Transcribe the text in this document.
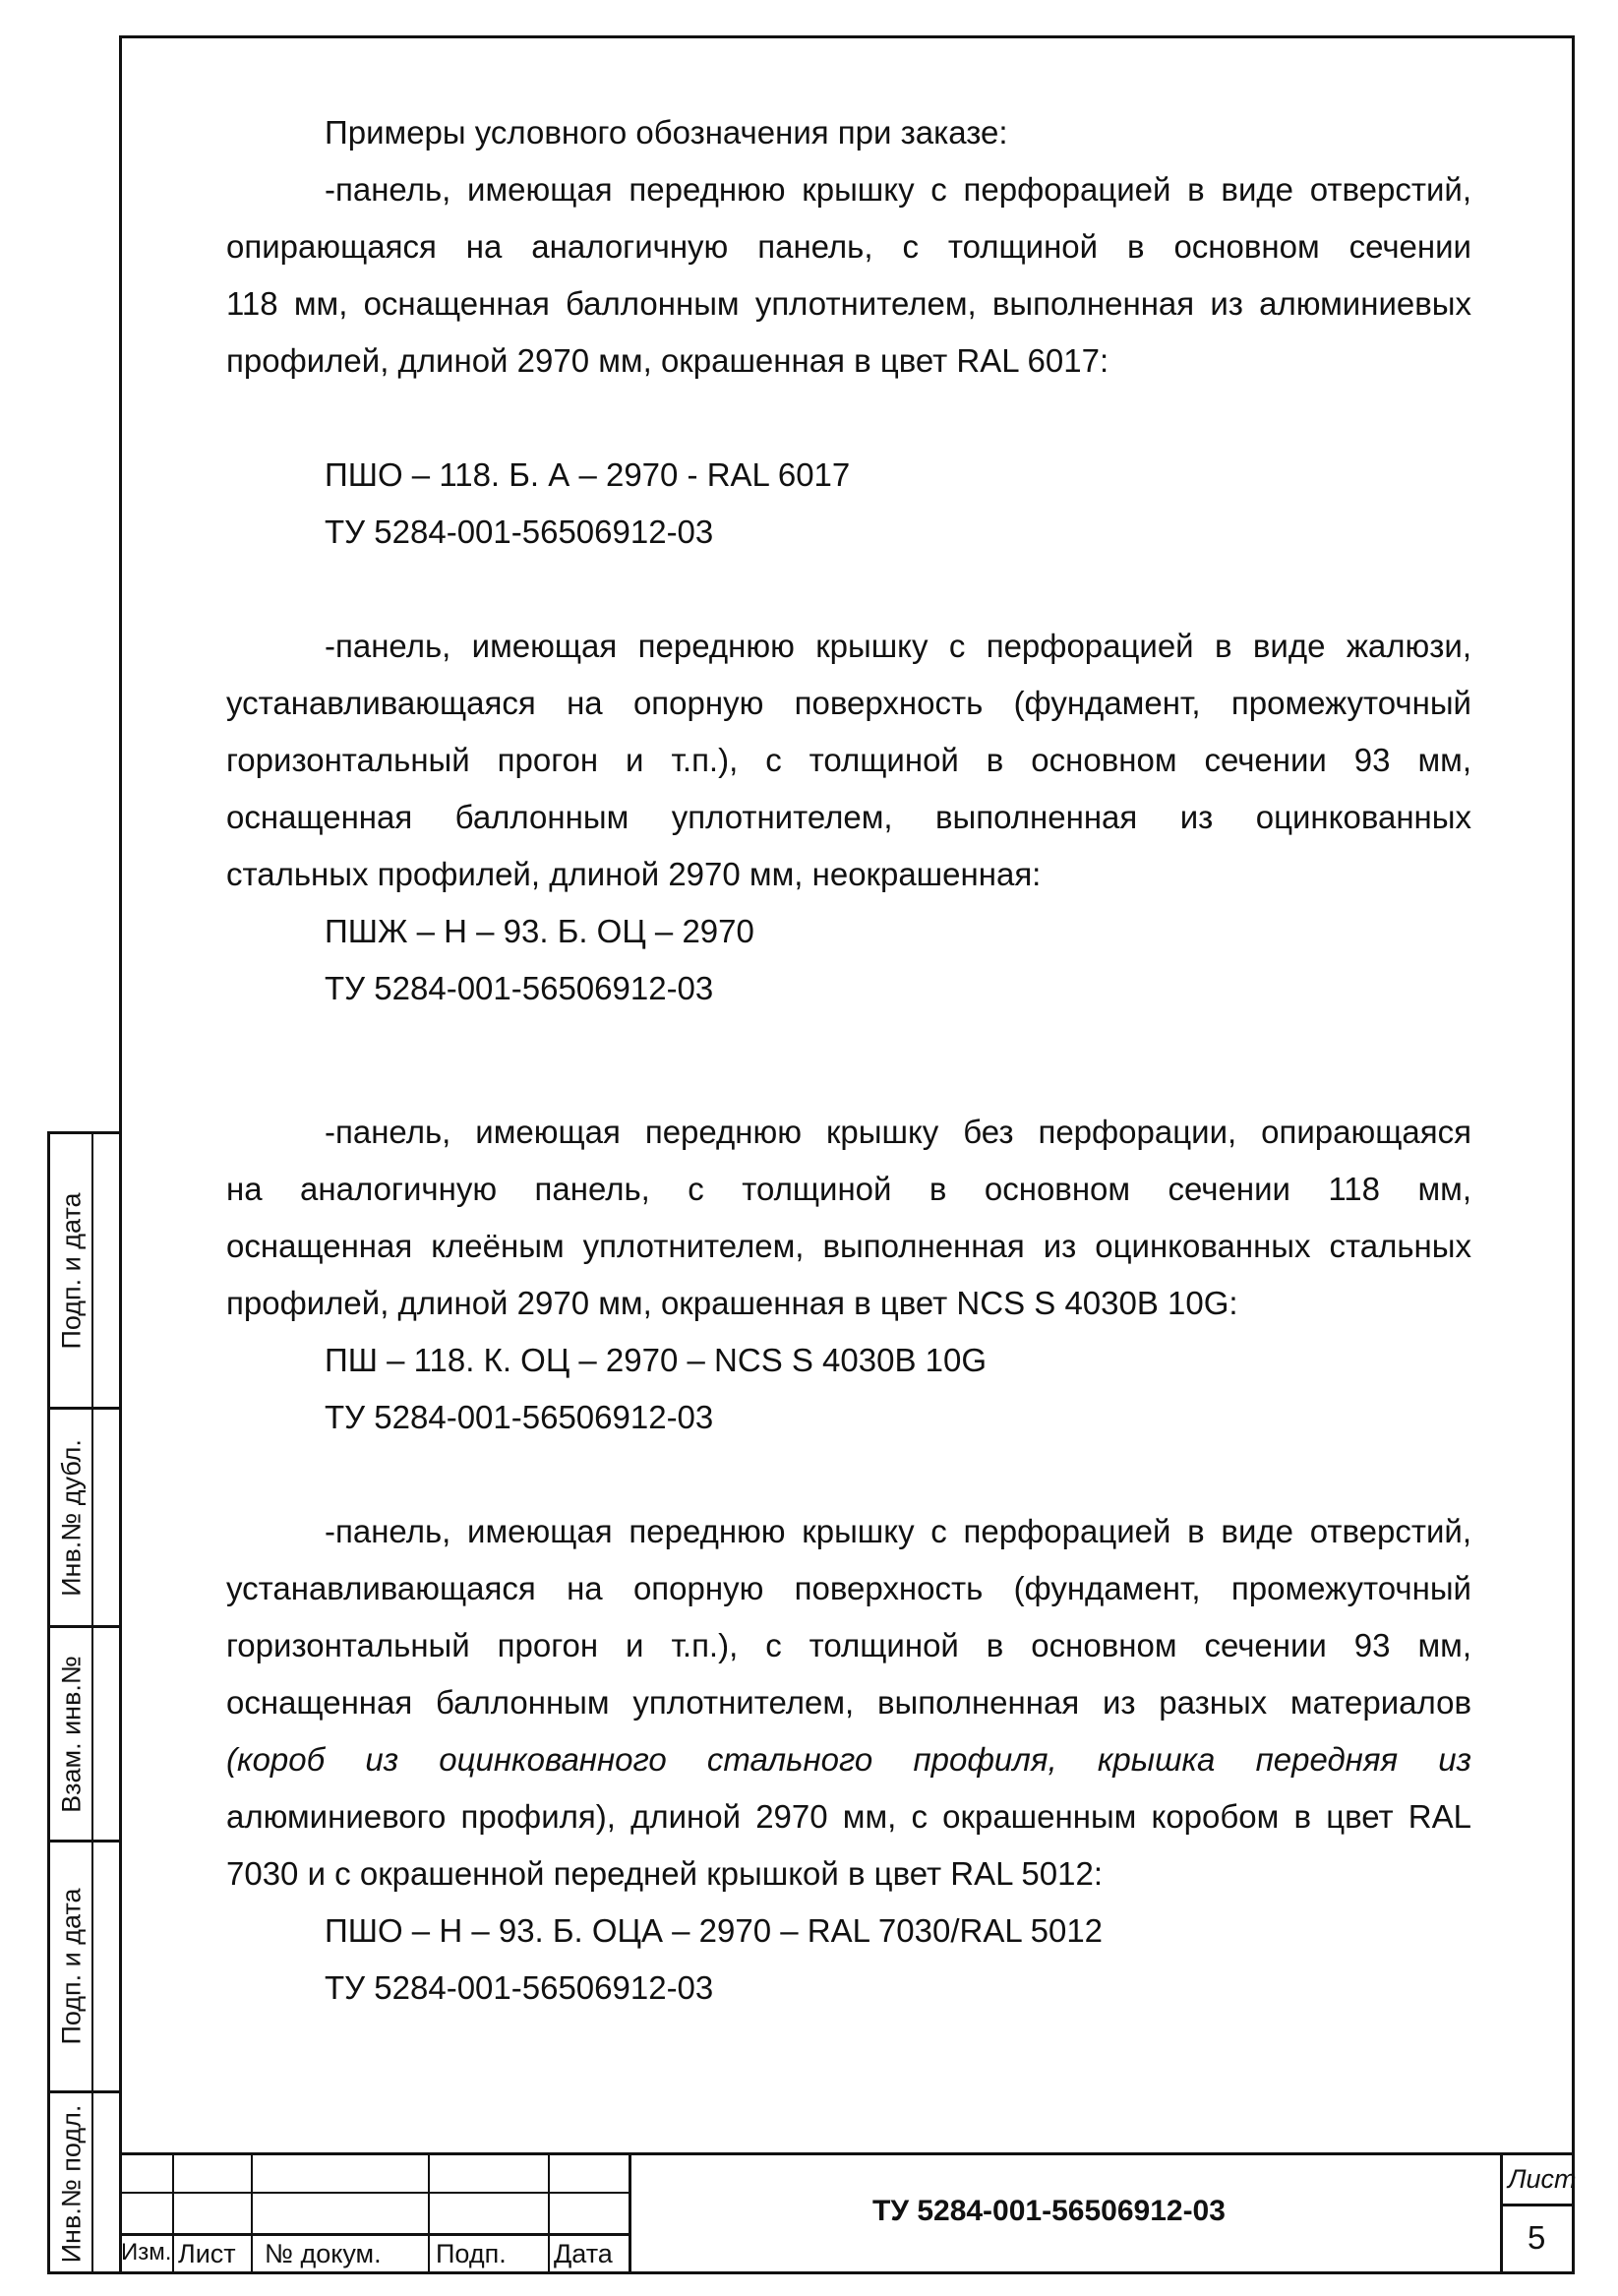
Примеры условного обозначения при заказе:

-панель, имеющая переднюю крышку с перфорацией в виде отверстий,

опирающаяся на аналогичную панель, с толщиной в основном сечении

118 мм, оснащенная баллонным уплотнителем, выполненная из алюминиевых

профилей, длиной 2970 мм, окрашенная в цвет RAL 6017:

ПШО – 118. Б. А – 2970 - RAL 6017

ТУ 5284-001-56506912-03

-панель, имеющая переднюю крышку с перфорацией в виде жалюзи,

устанавливающаяся на опорную поверхность (фундамент, промежуточный

горизонтальный прогон и т.п.), с толщиной в основном сечении 93 мм,

оснащенная баллонным уплотнителем, выполненная из оцинкованных

стальных профилей, длиной 2970 мм, неокрашенная:

ПШЖ – Н – 93. Б. ОЦ – 2970

ТУ 5284-001-56506912-03

-панель, имеющая переднюю крышку без перфорации, опирающаяся

на аналогичную панель, с толщиной в основном сечении 118 мм,

оснащенная клеёным уплотнителем, выполненная из оцинкованных стальных

профилей, длиной 2970 мм, окрашенная в цвет NCS S 4030B 10G:

ПШ – 118. К. ОЦ – 2970 – NCS S 4030B 10G

ТУ 5284-001-56506912-03

-панель, имеющая переднюю крышку с перфорацией в виде отверстий,

устанавливающаяся на опорную поверхность (фундамент, промежуточный

горизонтальный прогон и т.п.), с толщиной в основном сечении 93 мм,

оснащенная баллонным уплотнителем, выполненная из разных материалов

(короб из оцинкованного стального профиля, крышка передняя из

алюминиевого профиля), длиной 2970 мм, с окрашенным коробом в цвет RAL

7030 и с окрашенной передней крышкой в цвет RAL 5012:

ПШО – Н – 93. Б. ОЦА – 2970 – RAL 7030/RAL 5012

ТУ 5284-001-56506912-03

Подп. и дата
Инв.№ дубл.
Взам. инв.№
Подп. и дата
Инв.№ подл. Изм. Лист № докум. Подп. Дата
ТУ 5284-001-56506912-03
Лист
5
